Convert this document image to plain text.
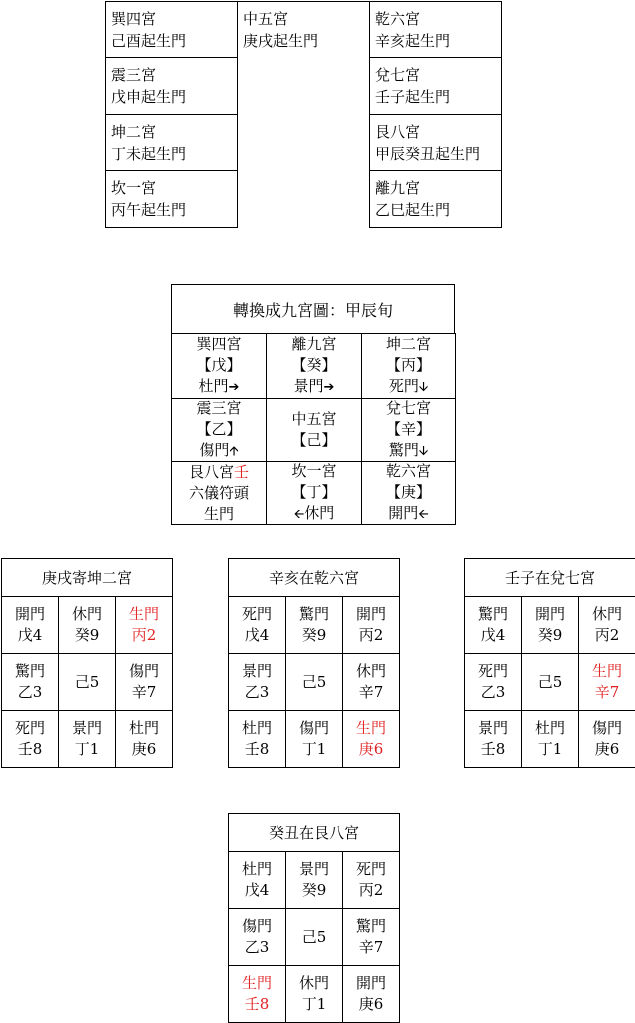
巽四宮
己酉起生門
中五宮
庚戌起生門
乾六宮
辛亥起生門
震三宮
戊申起生門
兌七宮
壬子起生門
坤二宮
丁未起生門
艮八宮
甲辰癸丑起生門
坎一宮
丙午起生門
離九宮
乙巳起生門
轉換成九宮圖：甲辰旬
巽四宮
【戊】
杜門➔
離九宮
【癸】
景門➔
坤二宮
【丙】
死門🡫
震三宮
【乙】
傷門🡩
中五宮
【己】
兌七宮
【辛】
驚門🡫
艮八宮壬
六儀符頭
生門
坎一宮
【丁】
🡨休門
乾六宮
【庚】
開門🡨
庚戌寄坤二宮
開門
戊4
休門
癸9
生門
丙2
驚門
乙3
己5
傷門
辛7
死門
壬8
景門
丁1
杜門
庚6
辛亥在乾六宮
死門
戊4
驚門
癸9
開門
丙2
景門
乙3
己5
休門
辛7
杜門
壬8
傷門
丁1
生門
庚6
壬子在兌七宮
驚門
戊4
開門
癸9
休門
丙2
死門
乙3
己5
生門
辛7
景門
壬8
杜門
丁1
傷門
庚6
癸丑在艮八宮
杜門
戊4
景門
癸9
死門
丙2
傷門
乙3
己5
驚門
辛7
生門
壬8
休門
丁1
開門
庚6
